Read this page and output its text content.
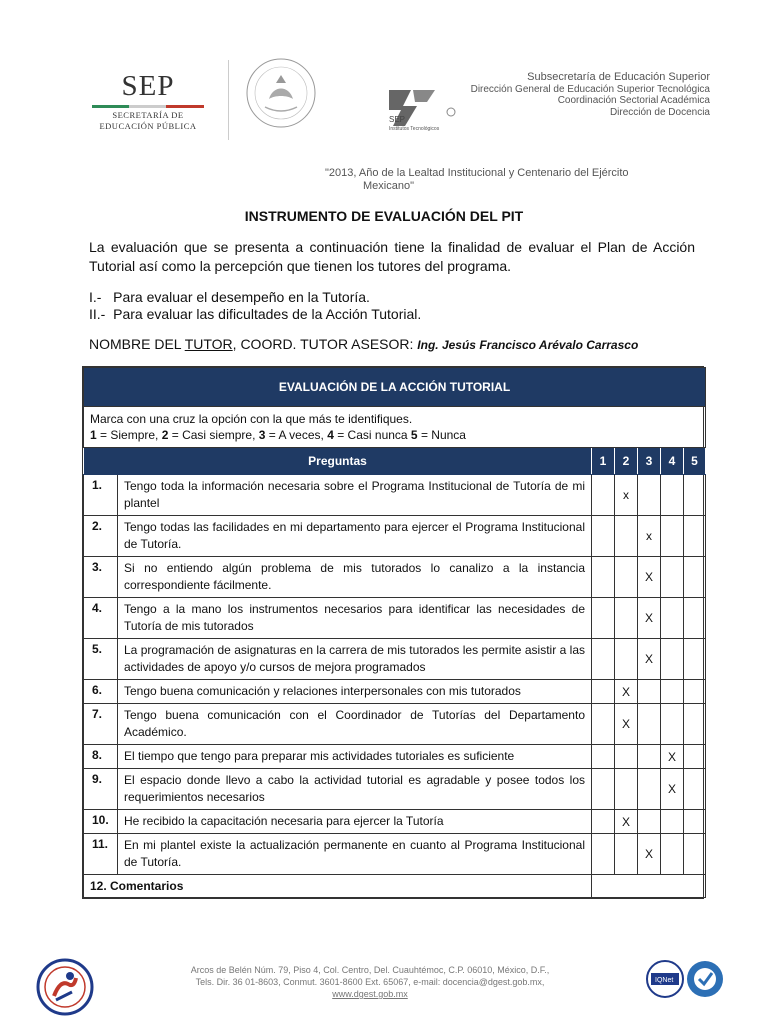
SEP
SECRETARÍA DE
EDUCACIÓN PÚBLICA
SEP
Institutos Tecnológicos
Subsecretaría de Educación Superior
Dirección General de Educación Superior Tecnológica
Coordinación Sectorial Académica
Dirección de Docencia
"2013, Año de la Lealtad Institucional y Centenario del Ejército
Mexicano"
INSTRUMENTO DE EVALUACIÓN DEL PIT
La evaluación que se presenta a continuación tiene la finalidad de evaluar el Plan de Acción Tutorial así como la percepción que tienen los tutores del programa.
I.-   Para evaluar el desempeño en la Tutoría.
II.-  Para evaluar las dificultades de la Acción Tutorial.
NOMBRE DEL TUTOR, COORD. TUTOR ASESOR: Ing. Jesús Francisco Arévalo Carrasco
EVALUACIÓN DE LA ACCIÓN TUTORIAL						

Marca con una cruz la opción con la que más te identifiques.
1 = Siempre, 2 = Casi siempre, 3 = A veces, 4 = Casi nunca 5 = Nunca						

Preguntas		1	2	3	4	5
1.	Tengo toda la información necesaria sobre el Programa Institucional de Tutoría de mi plantel		x			
2.	Tengo todas las facilidades en mi departamento para ejercer el Programa Institucional de Tutoría.			x		
3.	Si no entiendo algún problema de mis tutorados lo canalizo a la instancia correspondiente fácilmente.			X		
4.	Tengo a la mano los instrumentos necesarios para identificar las necesidades de Tutoría de mis tutorados			X		
5.	La programación de asignaturas en la carrera de mis tutorados les permite asistir a las actividades de apoyo y/o cursos de mejora programados			X		
6.	Tengo buena comunicación y relaciones interpersonales con mis tutorados		X			
7.	Tengo buena comunicación con el Coordinador de Tutorías del Departamento Académico.		X			
8.	El tiempo que tengo para preparar mis actividades tutoriales es suficiente				X	
9.	El espacio donde llevo a cabo la actividad tutorial es agradable y posee todos los requerimientos necesarios				X	
10.	He recibido la capacitación necesaria para ejercer la Tutoría		X			
11.	En mi plantel existe la actualización permanente en cuanto al Programa Institucional de Tutoría.			X		
12. Comentarios						
Arcos de Belén Núm. 79, Piso 4, Col. Centro, Del. Cuauhtémoc, C.P. 06010, México, D.F.,
Tels. Dir. 36 01-8603, Conmut. 3601-8600 Ext. 65067, e-mail: docencia@dgest.gob.mx,
www.dgest.gob.mx
IQNet
